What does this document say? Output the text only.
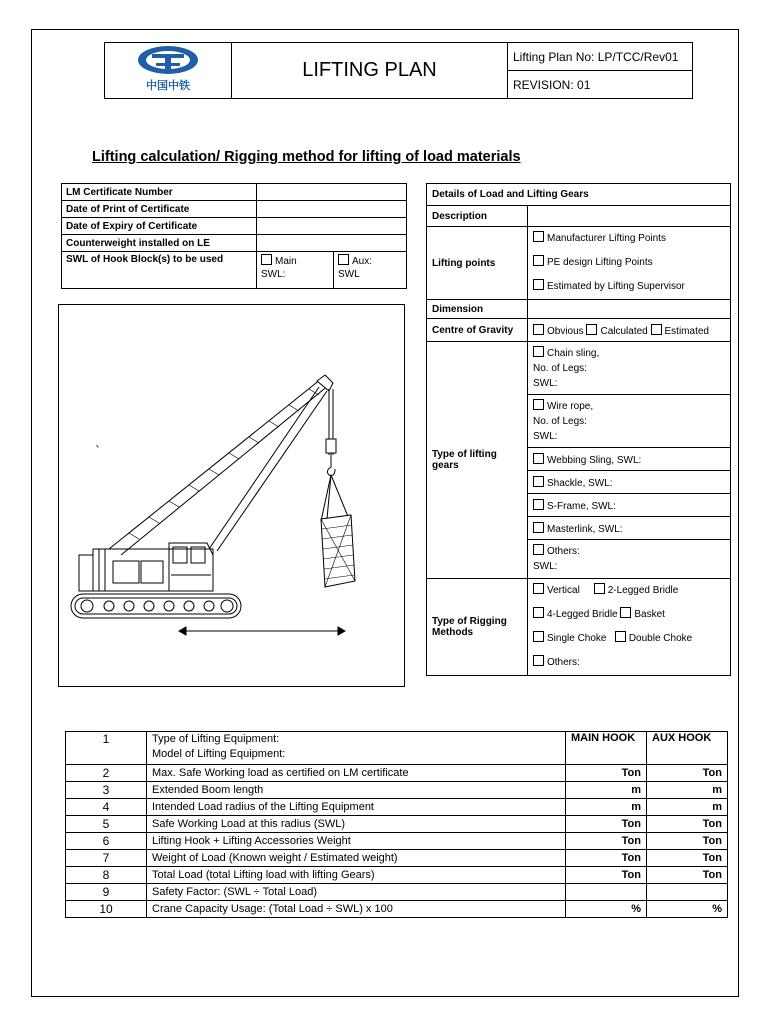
中国中铁
	LIFTING PLAN	Lifting Plan No: LP/TCC/Rev01
REVISION: 01
Lifting calculation/ Rigging method for lifting of load materials
LM Certificate Number		
Date of Print of Certificate		
Date of Expiry of Certificate		
Counterweight installed on LE		
SWL of Hook Block(s) to be used	Main
SWL:	Aux:
SWL
`
Details of Load and Lifting Gears	
Description	
Lifting points	Manufacturer Lifting Points
PE design Lifting Points
Estimated by Lifting Supervisor

Dimension	
Centre of Gravity	Obvious Calculated Estimated
Type of lifting gears	Chain sling,
No. of Legs:
SWL:
	Wire rope,
No. of Legs:
SWL:
	Webbing Sling, SWL:
	Shackle, SWL:
	S-Frame, SWL:
	Masterlink, SWL:
	Others:
SWL:
Type of Rigging Methods	Vertical 2-Legged Bridle
4-Legged Bridle Basket
Single Choke Double Choke
Others:
1	Type of Lifting Equipment:
Model of Lifting Equipment:	MAIN HOOK	AUX HOOK
2	Max. Safe Working load as certified on LM certificate	Ton	Ton
3	Extended Boom length	m	m
4	Intended Load radius of the Lifting Equipment	m	m
5	Safe Working Load at this radius (SWL)	Ton	Ton
6	Lifting Hook + Lifting Accessories Weight	Ton	Ton
7	Weight of Load (Known weight / Estimated weight)	Ton	Ton
8	Total Load (total Lifting load with lifting Gears)	Ton	Ton
9	Safety Factor: (SWL ÷ Total Load)		
10	Crane Capacity Usage: (Total Load ÷ SWL) x 100	%	%
